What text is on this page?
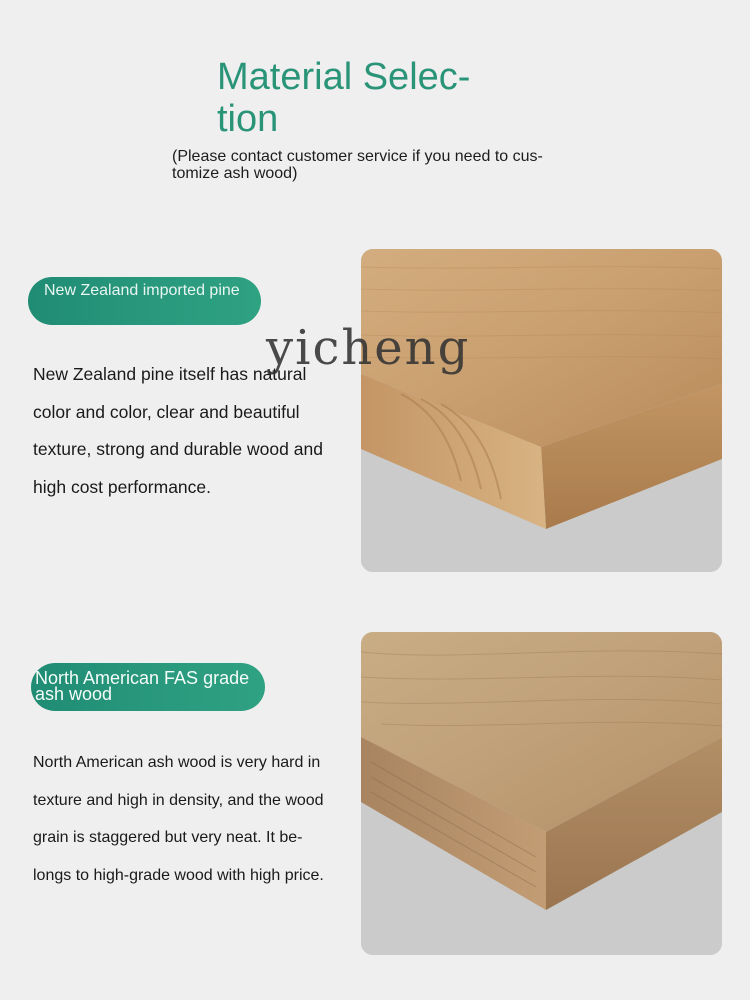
Material Selec-
tion

(Please contact customer service if you need to cus- tomize ash wood)

New Zealand imported pine

New Zealand pine itself has natural color and color, clear and beautiful texture, strong and durable wood and high cost performance.

North American FAS grade ash wood

North American ash wood is very hard in texture and high in density, and the wood grain is staggered but very neat. It be- longs to high-grade wood with high price.

yicheng
